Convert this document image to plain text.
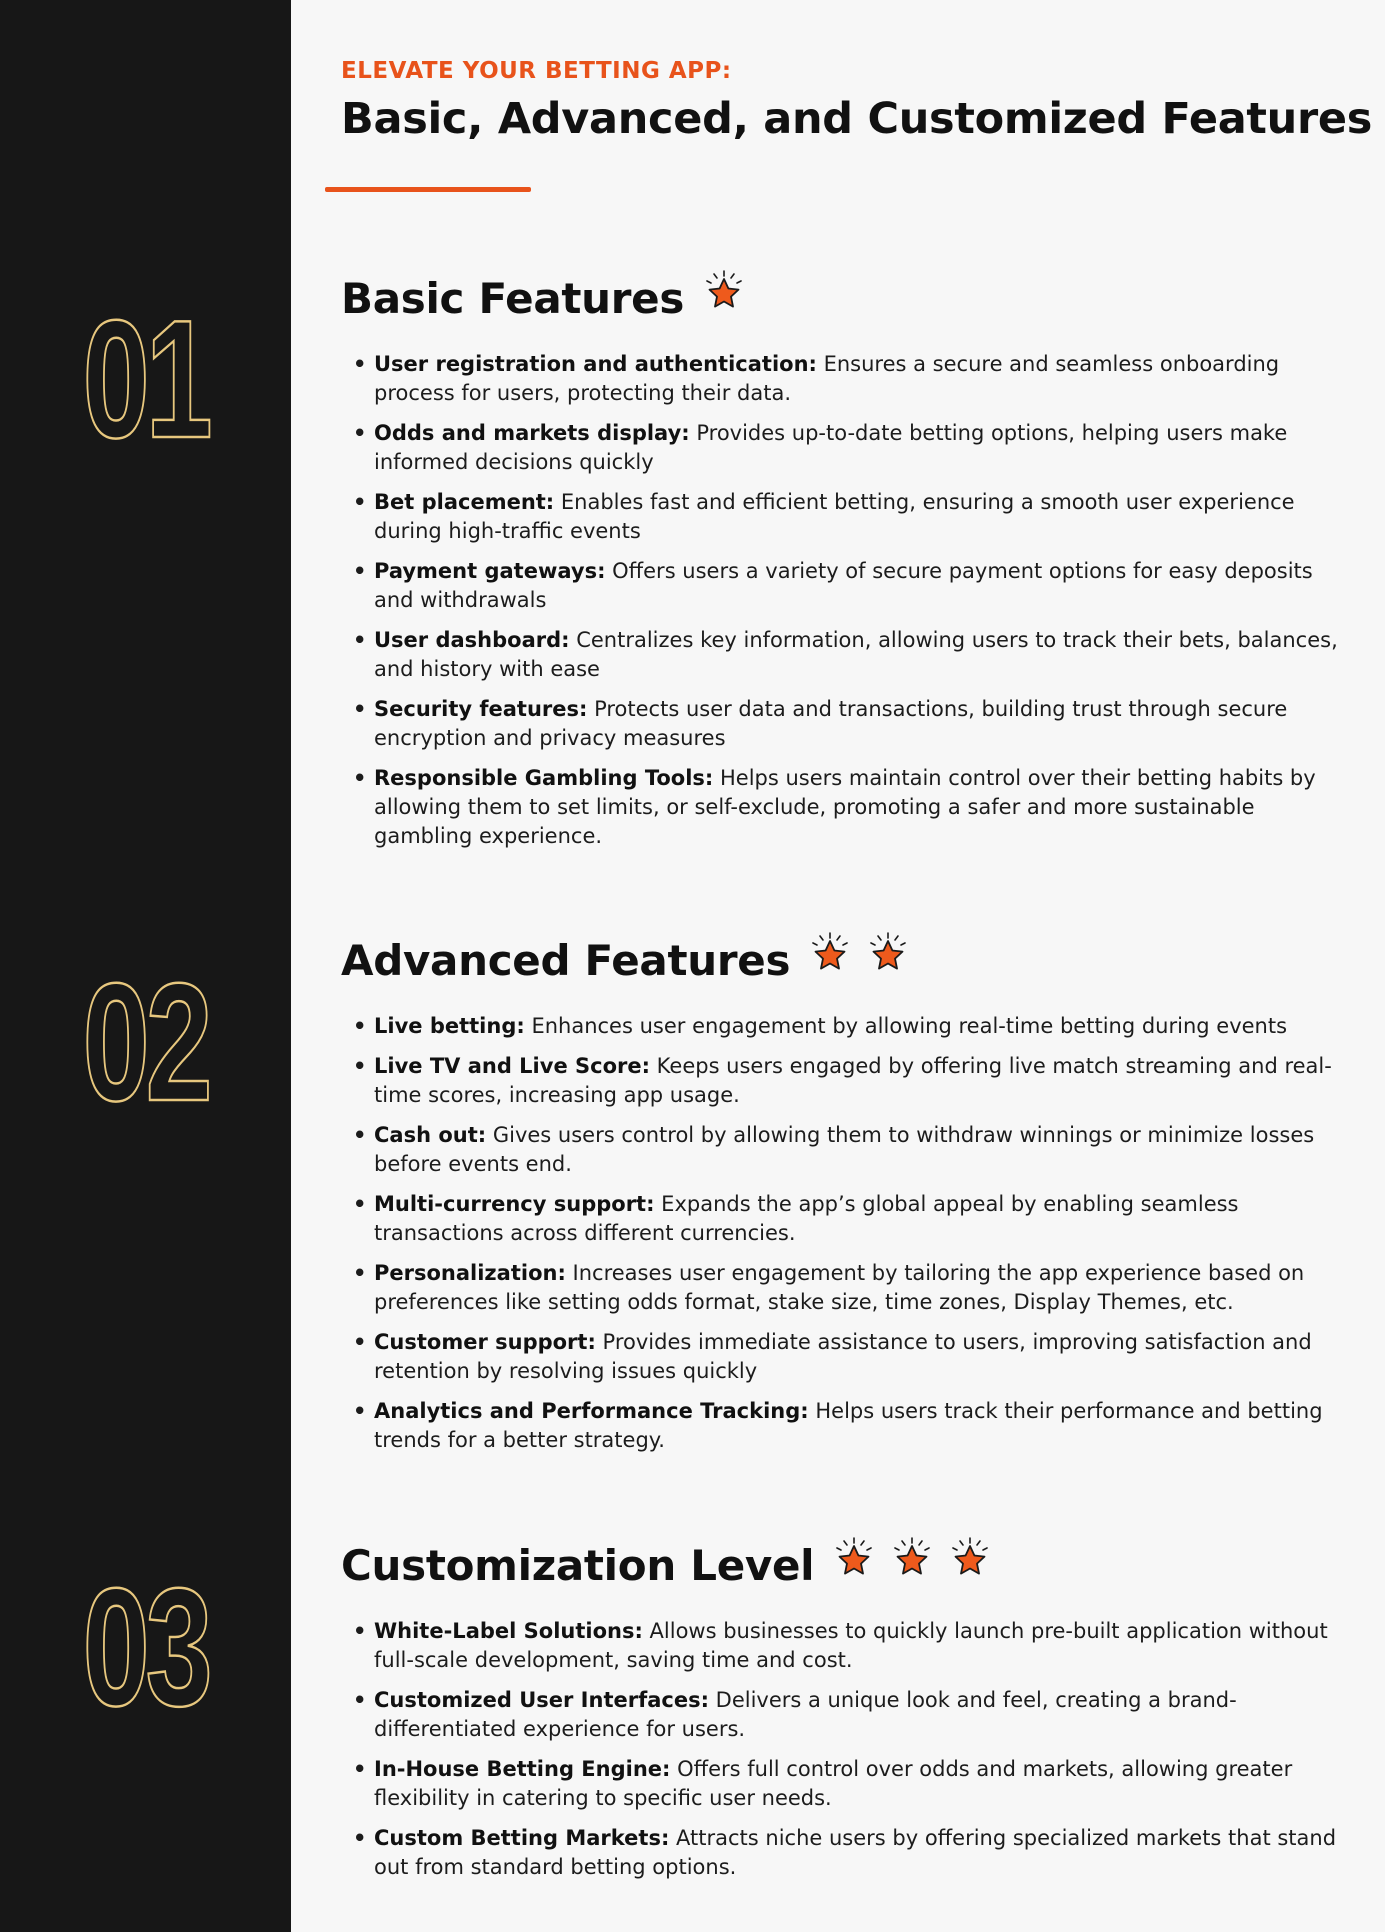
01
02
03
ELEVATE YOUR BETTING APP:
Basic, Advanced, and Customized Features
Basic Features
• User registration and authentication: Ensures a secure and seamless onboarding process for users, protecting their data.
• Odds and markets display: Provides up-to-date betting options, helping users make informed decisions quickly
• Bet placement: Enables fast and efficient betting, ensuring a smooth user experience during high-traffic events
• Payment gateways: Offers users a variety of secure payment options for easy deposits and withdrawals
• User dashboard: Centralizes key information, allowing users to track their bets, balances, and history with ease
• Security features: Protects user data and transactions, building trust through secure encryption and privacy measures
• Responsible Gambling Tools: Helps users maintain control over their betting habits by allowing them to set limits, or self-exclude, promoting a safer and more sustainable gambling experience.
Advanced Features
• Live betting: Enhances user engagement by allowing real-time betting during events
• Live TV and Live Score: Keeps users engaged by offering live match streaming and real-time scores, increasing app usage.
• Cash out: Gives users control by allowing them to withdraw winnings or minimize losses before events end.
• Multi-currency support: Expands the app’s global appeal by enabling seamless transactions across different currencies.
• Personalization: Increases user engagement by tailoring the app experience based on preferences like setting odds format, stake size, time zones, Display Themes, etc.
• Customer support: Provides immediate assistance to users, improving satisfaction and retention by resolving issues quickly
• Analytics and Performance Tracking: Helps users track their performance and betting trends for a better strategy.
Customization Level
• White-Label Solutions: Allows businesses to quickly launch pre-built application without full-scale development, saving time and cost.
• Customized User Interfaces: Delivers a unique look and feel, creating a brand-differentiated experience for users.
• In-House Betting Engine: Offers full control over odds and markets, allowing greater flexibility in catering to specific user needs.
• Custom Betting Markets: Attracts niche users by offering specialized markets that stand out from standard betting options.
